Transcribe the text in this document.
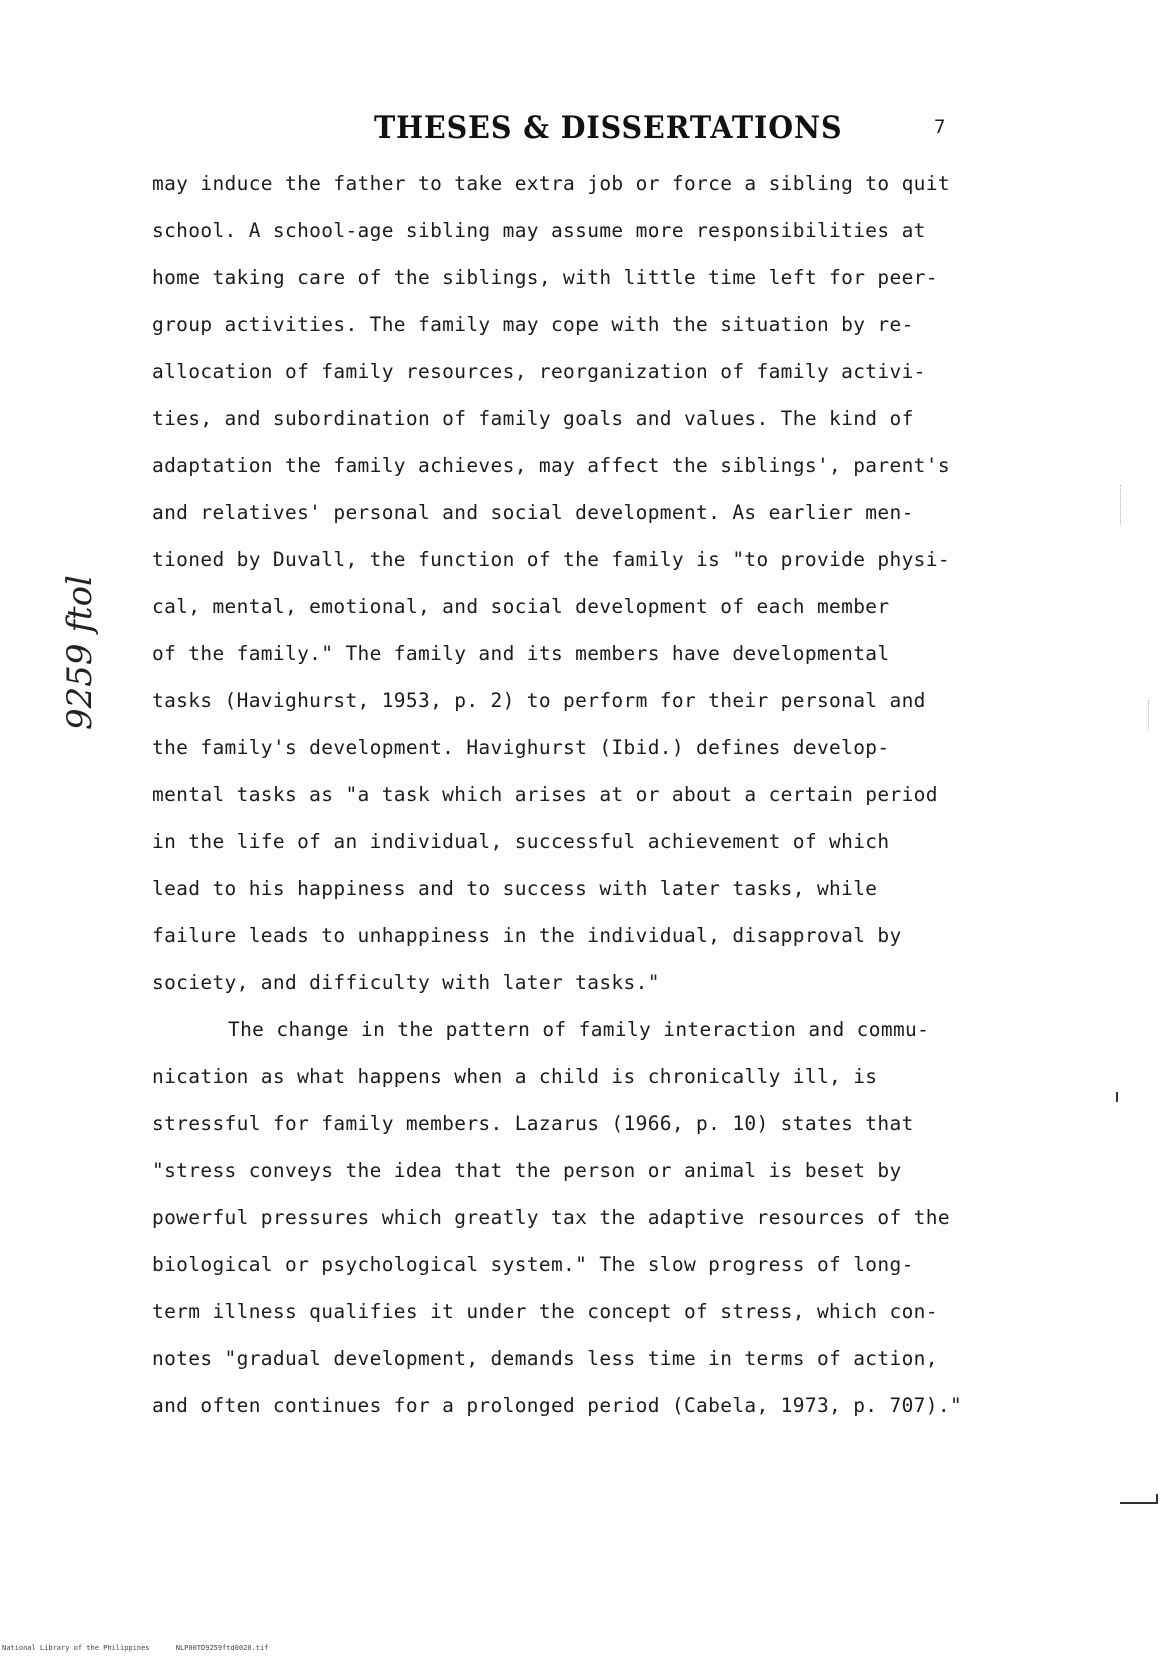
THESES & DISSERTATIONS	7
9259 ftol
may induce the father to take extra job or force a sibling to quit
school. A school-age sibling may assume more responsibilities at
home taking care of the siblings, with little time left for peer-
group activities. The family may cope with the situation by re-
allocation of family resources, reorganization of family activi-
ties, and subordination of family goals and values. The kind of
adaptation the family achieves, may affect the siblings', parent's
and relatives' personal and social development. As earlier men-
tioned by Duvall, the function of the family is "to provide physi-
cal, mental, emotional, and social development of each member
of the family." The family and its members have developmental
tasks (Havighurst, 1953, p. 2) to perform for their personal and
the family's development. Havighurst (Ibid.) defines develop-
mental tasks as "a task which arises at or about a certain period
in the life of an individual, successful achievement of which
lead to his happiness and to success with later tasks, while
failure leads to unhappiness in the individual, disapproval by
society, and difficulty with later tasks."
The change in the pattern of family interaction and commu-
nication as what happens when a child is chronically ill, is
stressful for family members. Lazarus (1966, p. 10) states that
"stress conveys the idea that the person or animal is beset by
powerful pressures which greatly tax the adaptive resources of the
biological or psychological system." The slow progress of long-
term illness qualifies it under the concept of stress, which con-
notes "gradual development, demands less time in terms of action,
and often continues for a prolonged period (Cabela, 1973, p. 707)."
National Library of the Philippines	NLP00TD9259ftd0020.tif
